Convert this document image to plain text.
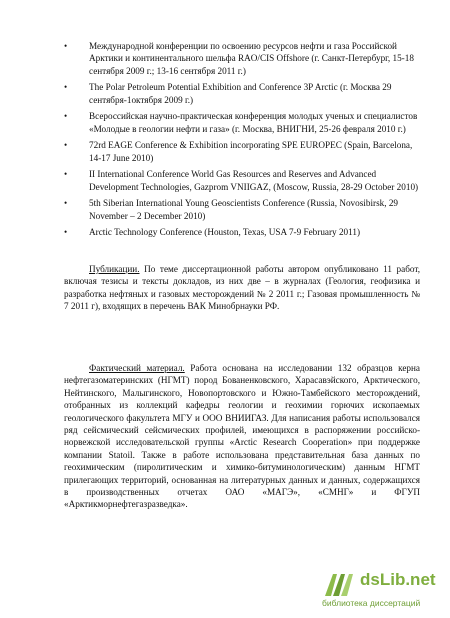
• Международной конференции по освоению ресурсов нефти и газа Российской Арктики и континентального шельфа RAO/CIS Offshore (г. Санкт-Петербург, 15-18 сентября 2009 г.; 13-16 сентября 2011 г.)
• The Polar Petroleum Potential Exhibition and Conference 3P Arctic (г. Москва 29 сентября-1октября 2009 г.)
• Всероссийская научно-практическая конференция молодых ученых и специалистов «Молодые в геологии нефти и газа» (г. Москва, ВНИГНИ, 25-26 февраля 2010 г.)
• 72rd EAGE Conference & Exhibition incorporating SPE EUROPEC (Spain, Barcelona, 14-17 June 2010)
• II International Conference World Gas Resources and Reserves and Advanced Development Technologies, Gazprom VNIIGAZ, (Moscow, Russia, 28-29 October 2010)
• 5th Siberian International Young Geoscientists Conference (Russia, Novosibirsk, 29 November – 2 December 2010)
• Arctic Technology Conference (Houston, Texas, USA 7-9 February 2011)

Публикации. По теме диссертационной работы автором опубликовано 11 работ, включая тезисы и тексты докладов, из них две – в журналах (Геология, геофизика и разработка нефтяных и газовых месторождений № 2 2011 г.; Газовая промышленность № 7 2011 г), входящих в перечень ВАК Минобрнауки РФ.

Фактический материал. Работа основана на исследовании 132 образцов керна нефтегазоматеринских (НГМТ) пород Бованенковского, Харасавэйского, Арктического, Нейтинского, Малыгинского, Новопортовского и Южно-Тамбейского месторождений, отобранных из коллекций кафедры геологии и геохимии горючих ископаемых геологического факультета МГУ и ООО ВНИИГАЗ. Для написания работы использовался ряд сейсмический сейсмических профилей, имеющихся в распоряжении российско-норвежской исследовательской группы «Arctic Research Cooperation» при поддержке компании Statoil. Также в работе использована представительная база данных по геохимическим (пиролитическим и химико-битуминологическим) данным НГМТ прилегающих территорий, основанная на литературных данных и данных, содержащихся в производственных отчетах ОАО «МАГЭ», «СМНГ» и ФГУП «Арктикморнефтегазразведка».

dsLib.net
библиотека диссертаций
